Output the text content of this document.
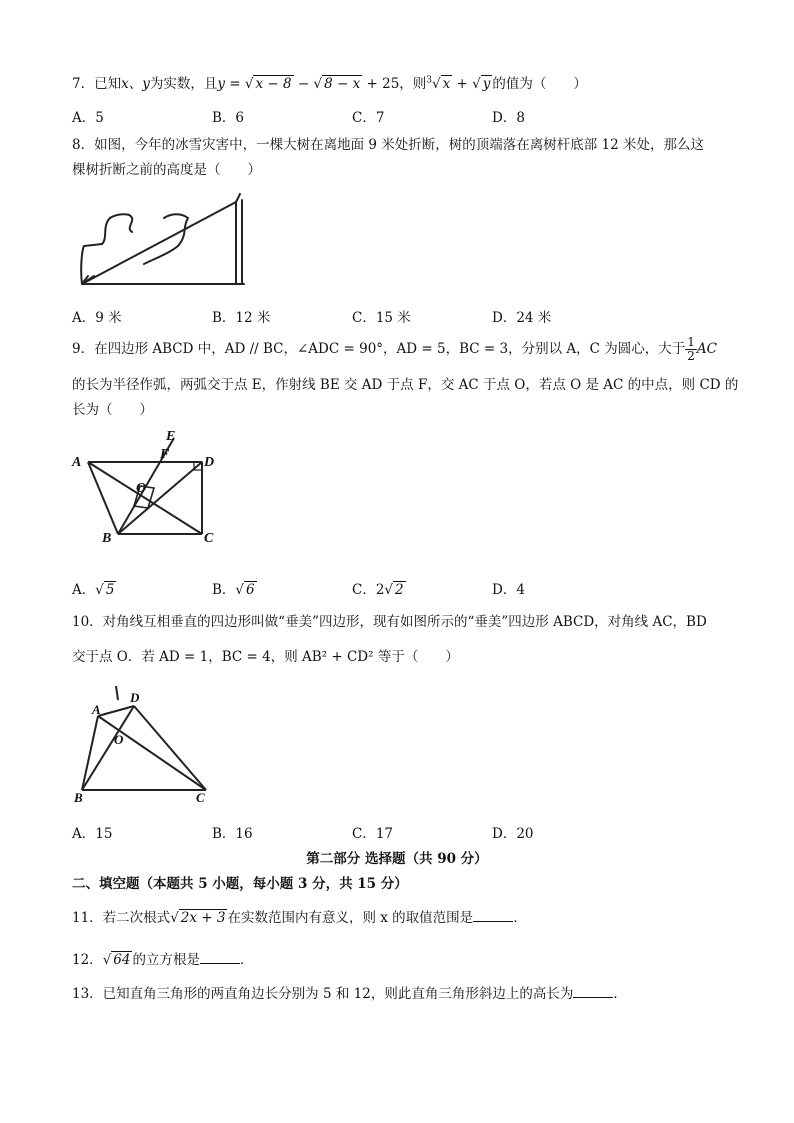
7．已知x、y为实数，且y = √ x − 8 − √ 8 − x + 25，则$^3$√ x + √ y 的值为（　　）
A．5	B．6	C．7	D．8
8．如图，今年的冰雪灾害中，一棵大树在离地面 9 米处折断，树的顶端落在离树杆底部 12 米处，那么这
棵树折断之前的高度是（　　）
A．9 米	B．12 米	C．15 米	D．24 米
9．在四边形 ABCD 中，AD // BC，∠ADC = 90°，AD = 5，BC = 3，分别以 A，C 为圆心，大于 $\frac{1}{2}$ AC
的长为半径作弧，两弧交于点 E，作射线 BE 交 AD 于点 F，交 AC 于点 O，若点 O 是 AC 的中点，则 CD 的
长为（　　）
A	D
B	C
E
F
O
A．√ 5	B．√ 6	C．2√ 2	D．4
10．对角线互相垂直的四边形叫做“垂美”四边形，现有如图所示的“垂美”四边形 ABCD，对角线 AC，BD
交于点 O．若 AD = 1，BC = 4，则 AB² + CD² 等于（　　）
A
D
B	C
O
A．15	B．16	C．17	D．20
第二部分 选择题（共 90 分）
二、填空题（本题共 5 小题，每小题 3 分，共 15 分）
11．若二次根式√ 2x + 3 在实数范围内有意义，则 x 的取值范围是	．
12．√ 64 的立方根是	．
13．已知直角三角形的两直角边长分别为 5 和 12，则此直角三角形斜边上的高长为	．
